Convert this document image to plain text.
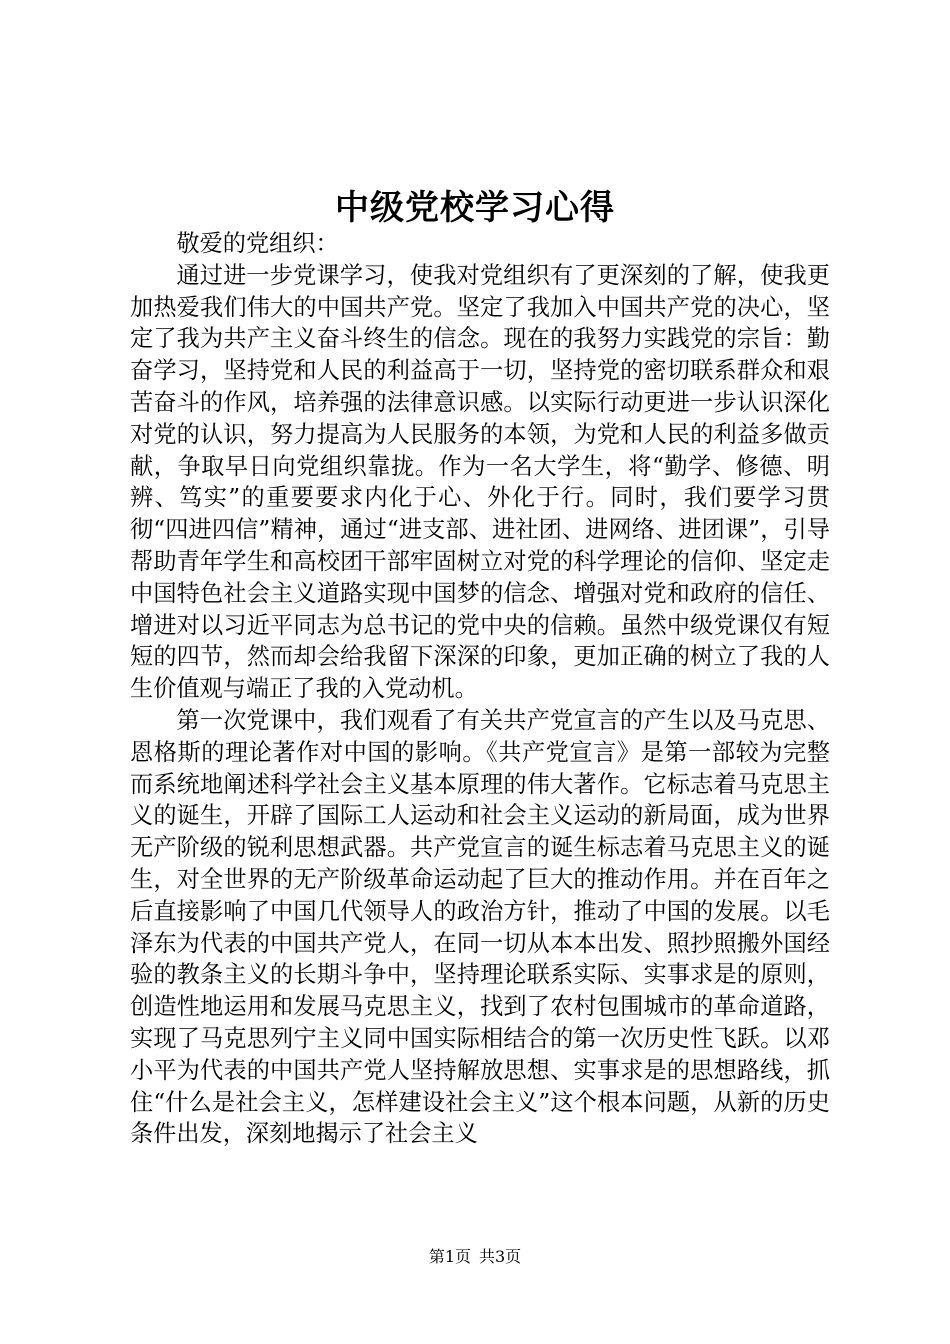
中级党校学习心得

敬爱的党组织：

通过进一步党课学习，使我对党组织有了更深刻的了解，使我更加热爱我们伟大的中国共产党。坚定了我加入中国共产党的决心，坚定了我为共产主义奋斗终生的信念。现在的我努力实践党的宗旨：勤奋学习，坚持党和人民的利益高于一切，坚持党的密切联系群众和艰苦奋斗的作风，培养强的法律意识感。以实际行动更进一步认识深化对党的认识，努力提高为人民服务的本领，为党和人民的利益多做贡献，争取早日向党组织靠拢。作为一名大学生，将“勤学、修德、明辨、笃实”的重要要求内化于心、外化于行。同时，我们要学习贯彻“四进四信”精神，通过“进支部、进社团、进网络、进团课”，引导帮助青年学生和高校团干部牢固树立对党的科学理论的信仰、坚定走中国特色社会主义道路实现中国梦的信念、增强对党和政府的信任、增进对以习近平同志为总书记的党中央的信赖。虽然中级党课仅有短短的四节，然而却会给我留下深深的印象，更加正确的树立了我的人生价值观与端正了我的入党动机。

第一次党课中，我们观看了有关共产党宣言的产生以及马克思、恩格斯的理论著作对中国的影响。《共产党宣言》是第一部较为完整而系统地阐述科学社会主义基本原理的伟大著作。它标志着马克思主义的诞生，开辟了国际工人运动和社会主义运动的新局面，成为世界无产阶级的锐利思想武器。共产党宣言的诞生标志着马克思主义的诞生，对全世界的无产阶级革命运动起了巨大的推动作用。并在百年之后直接影响了中国几代领导人的政治方针，推动了中国的发展。以毛泽东为代表的中国共产党人，在同一切从本本出发、照抄照搬外国经验的教条主义的长期斗争中，坚持理论联系实际、实事求是的原则，创造性地运用和发展马克思主义，找到了农村包围城市的革命道路，实现了马克思列宁主义同中国实际相结合的第一次历史性飞跃。以邓小平为代表的中国共产党人坚持解放思想、实事求是的思想路线，抓住“什么是社会主义，怎样建设社会主义”这个根本问题，从新的历史条件出发，深刻地揭示了社会主义

第1页 共3页
